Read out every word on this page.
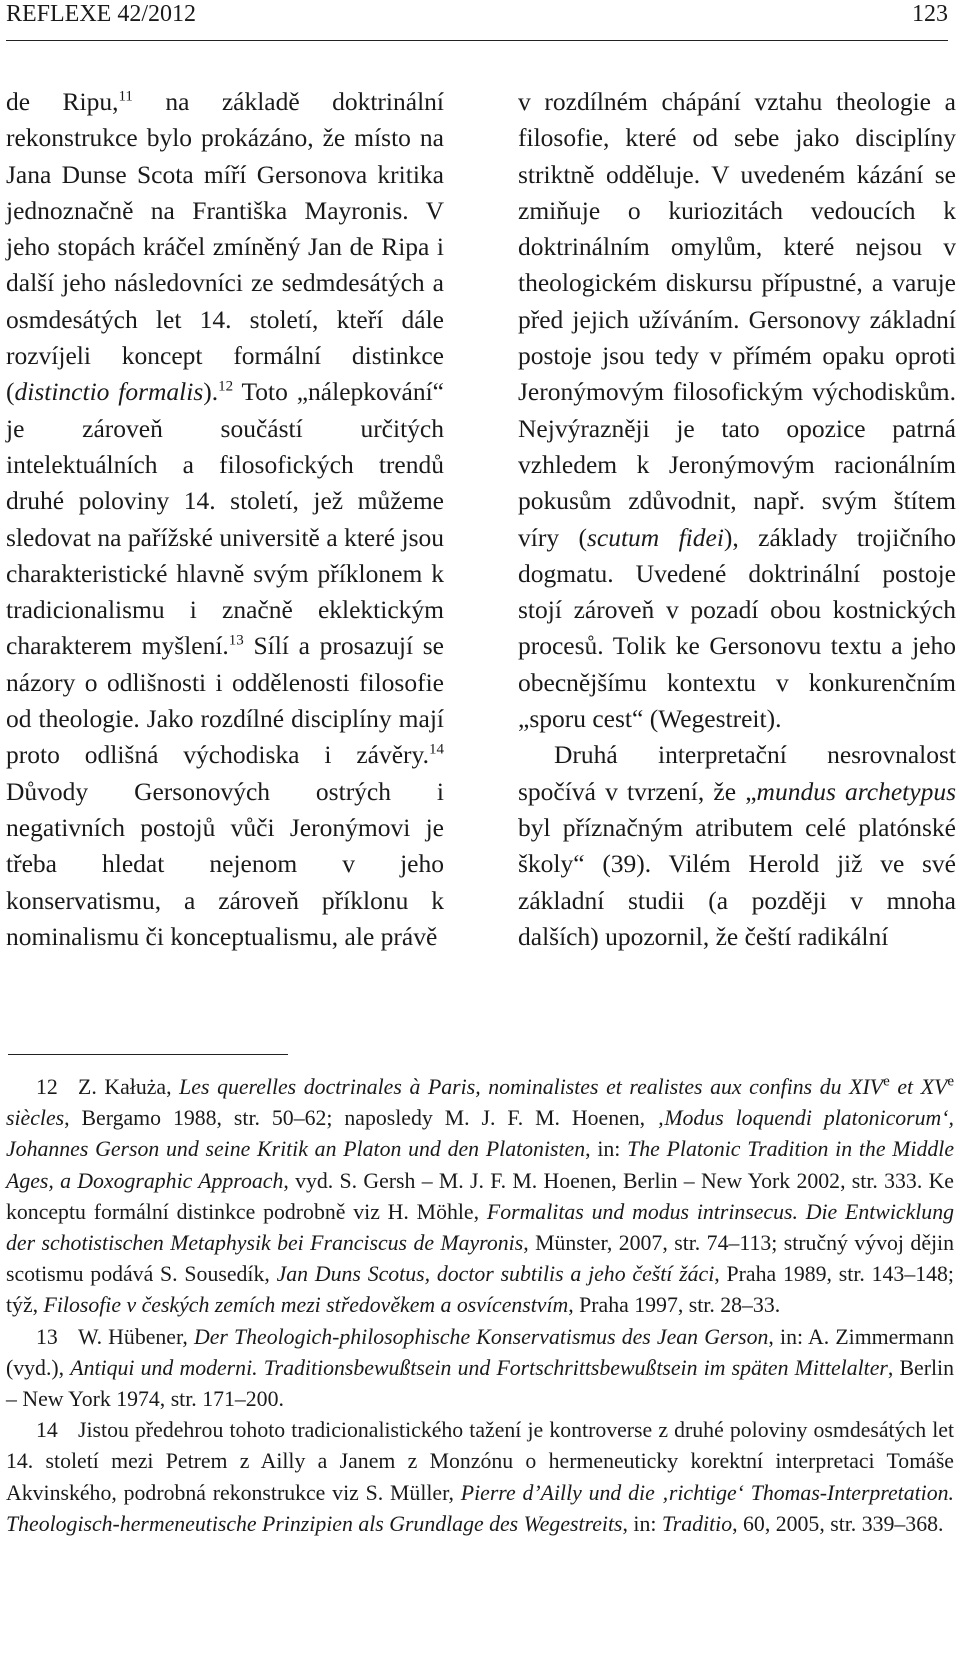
REFLEXE 42/2012	123

de Ripu,$^{11}$ na základě doktrinální rekonstrukce bylo prokázáno, že místo na Jana Dunse Scota míří Gersonova kritika jednoznačně na Františka Mayronis. V jeho stopách kráčel zmíněný Jan de Ripa i další jeho následovníci ze sedmdesátých a osmdesátých let 14. století, kteří dále rozvíjeli koncept formální distinkce (distinctio formalis).$^{12}$ Toto „nálepkování“ je zároveň součástí určitých intelektuálních a filosofických trendů druhé poloviny 14. století, jež můžeme sledovat na pařížské universitě a které jsou charakteristické hlavně svým příklonem k tradicionalismu i značně eklektickým charakterem myšlení.$^{13}$ Sílí a prosazují se názory o odlišnosti i oddělenosti filosofie od theologie. Jako rozdílné disciplíny mají proto odlišná východiska i závěry.$^{14}$ Důvody Gersonových ostrých i negativních postojů vůči Jeronýmovi je třeba hledat nejenom v jeho konservatismu, a zároveň příklonu k nominalismu či konceptualismu, ale právě

v rozdílném chápání vztahu theologie a filosofie, které od sebe jako disciplíny striktně odděluje. V uvedeném kázání se zmiňuje o kuriozitách vedoucích k doktrinálním omylům, které nejsou v theologickém diskursu přípustné, a varuje před jejich užíváním. Gersonovy základní postoje jsou tedy v přímém opaku oproti Jeronýmovým filosofickým východiskům. Nejvýrazněji je tato opozice patrná vzhledem k Jeronýmovým racionálním pokusům zdůvodnit, např. svým štítem víry (scutum fidei), základy trojičního dogmatu. Uvedené doktrinální postoje stojí zároveň v pozadí obou kostnických procesů. Tolik ke Gersonovu textu a jeho obecnějšímu kontextu v konkurenčním „sporu cest“ (Wegestreit).

Druhá interpretační nesrovnalost spočívá v tvrzení, že „mundus archetypus byl příznačným atributem celé platónské školy“ (39). Vilém Herold již ve své základní studii (a později v mnoha dalších) upozornil, že čeští radikální

12 Z. Kałuża, Les querelles doctrinales à Paris, nominalistes et realistes aux confins du XIVe et XVe siècles, Bergamo 1988, str. 50–62; naposledy M. J. F. M. Hoenen, ‚Modus loquendi platonicorum‘, Johannes Gerson und seine Kritik an Platon und den Platonisten, in: The Platonic Tradition in the Middle Ages, a Doxographic Approach, vyd. S. Gersh – M. J. F. M. Hoenen, Berlin – New York 2002, str. 333. Ke konceptu formální distinkce podrobně viz H. Möhle, Formalitas und modus intrinsecus. Die Entwicklung der schotistischen Metaphysik bei Franciscus de Mayronis, Münster, 2007, str. 74–113; stručný vývoj dějin scotismu podává S. Sousedík, Jan Duns Scotus, doctor subtilis a jeho čeští žáci, Praha 1989, str. 143–148; týž, Filosofie v českých zemích mezi středověkem a osvícenstvím, Praha 1997, str. 28–33.

13 W. Hübener, Der Theologich-philosophische Konservatismus des Jean Gerson, in: A. Zimmermann (vyd.), Antiqui und moderni. Traditionsbewußtsein und Fortschrittsbewußtsein im späten Mittelalter, Berlin – New York 1974, str. 171–200.

14 Jistou předehrou tohoto tradicionalistického tažení je kontroverse z druhé poloviny osmdesátých let 14. století mezi Petrem z Ailly a Janem z Monzónu o hermeneuticky korektní interpretaci Tomáše Akvinského, podrobná rekonstrukce viz S. Müller, Pierre d’Ailly und die ‚richtige‘ Thomas-Interpretation. Theologisch-hermeneutische Prinzipien als Grundlage des Wegestreits, in: Traditio, 60, 2005, str. 339–368.
